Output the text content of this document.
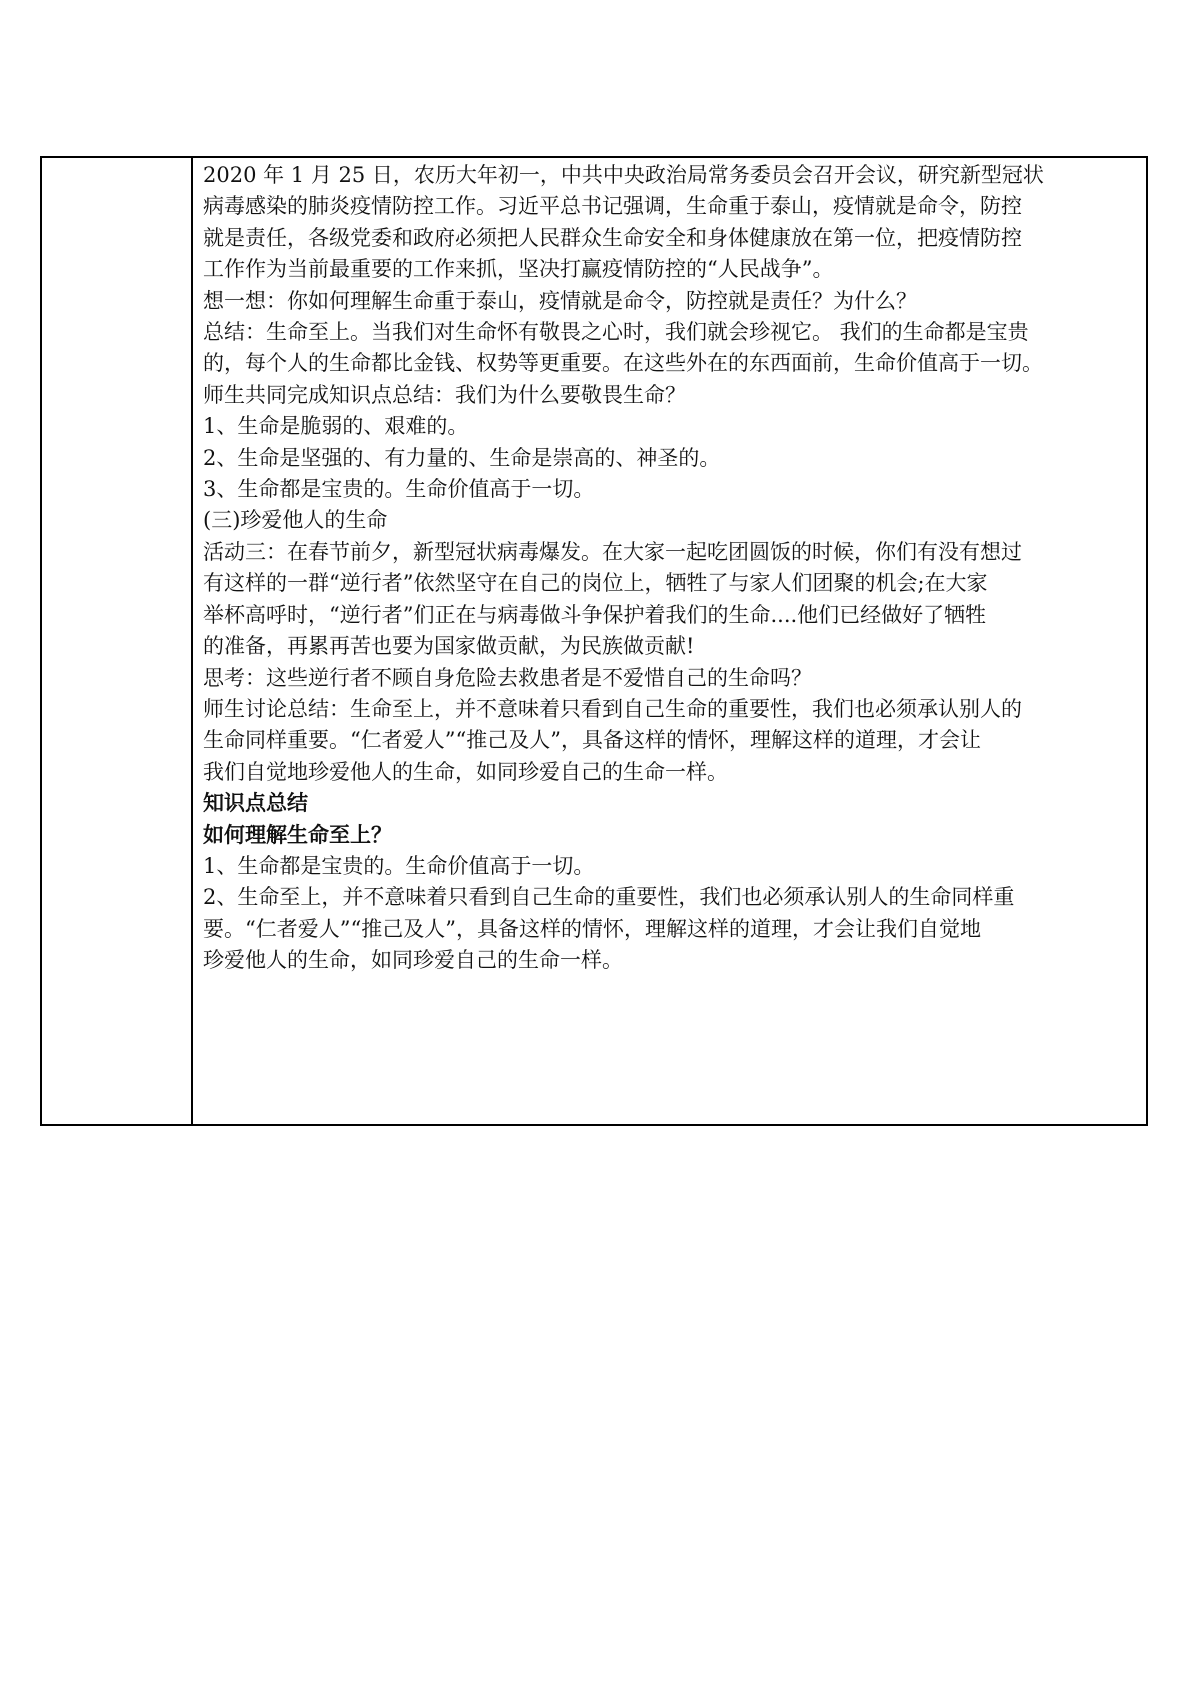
2020 年 1 月 25 日，农历大年初一，中共中央政治局常务委员会召开会议，研究新型冠状

病毒感染的肺炎疫情防控工作。习近平总书记强调，生命重于泰山，疫情就是命令，防控

就是责任，各级党委和政府必须把人民群众生命安全和身体健康放在第一位，把疫情防控

工作作为当前最重要的工作来抓，坚决打赢疫情防控的“人民战争”。

想一想：你如何理解生命重于泰山，疫情就是命令，防控就是责任？为什么？

总结：生命至上。当我们对生命怀有敬畏之心时，我们就会珍视它。 我们的生命都是宝贵

的，每个人的生命都比金钱、权势等更重要。在这些外在的东西面前，生命价值高于一切。

师生共同完成知识点总结：我们为什么要敬畏生命？

1、生命是脆弱的、艰难的。

2、生命是坚强的、有力量的、生命是崇高的、神圣的。

3、生命都是宝贵的。生命价值高于一切。

(三)珍爱他人的生命

活动三：在春节前夕，新型冠状病毒爆发。在大家一起吃团圆饭的时候，你们有没有想过

有这样的一群“逆行者”依然坚守在自己的岗位上，牺牲了与家人们团聚的机会;在大家

举杯高呼时，“逆行者”们正在与病毒做斗争保护着我们的生命....他们已经做好了牺牲

的准备，再累再苦也要为国家做贡献，为民族做贡献!

思考：这些逆行者不顾自身危险去救患者是不爱惜自己的生命吗？

师生讨论总结：生命至上，并不意味着只看到自己生命的重要性，我们也必须承认别人的

生命同样重要。“仁者爱人”“推己及人”，具备这样的情怀，理解这样的道理，才会让

我们自觉地珍爱他人的生命，如同珍爱自己的生命一样。

知识点总结

如何理解生命至上？

1、生命都是宝贵的。生命价值高于一切。

2、生命至上，并不意味着只看到自己生命的重要性，我们也必须承认别人的生命同样重

要。“仁者爱人”“推己及人”，具备这样的情怀，理解这样的道理，才会让我们自觉地

珍爱他人的生命，如同珍爱自己的生命一样。
